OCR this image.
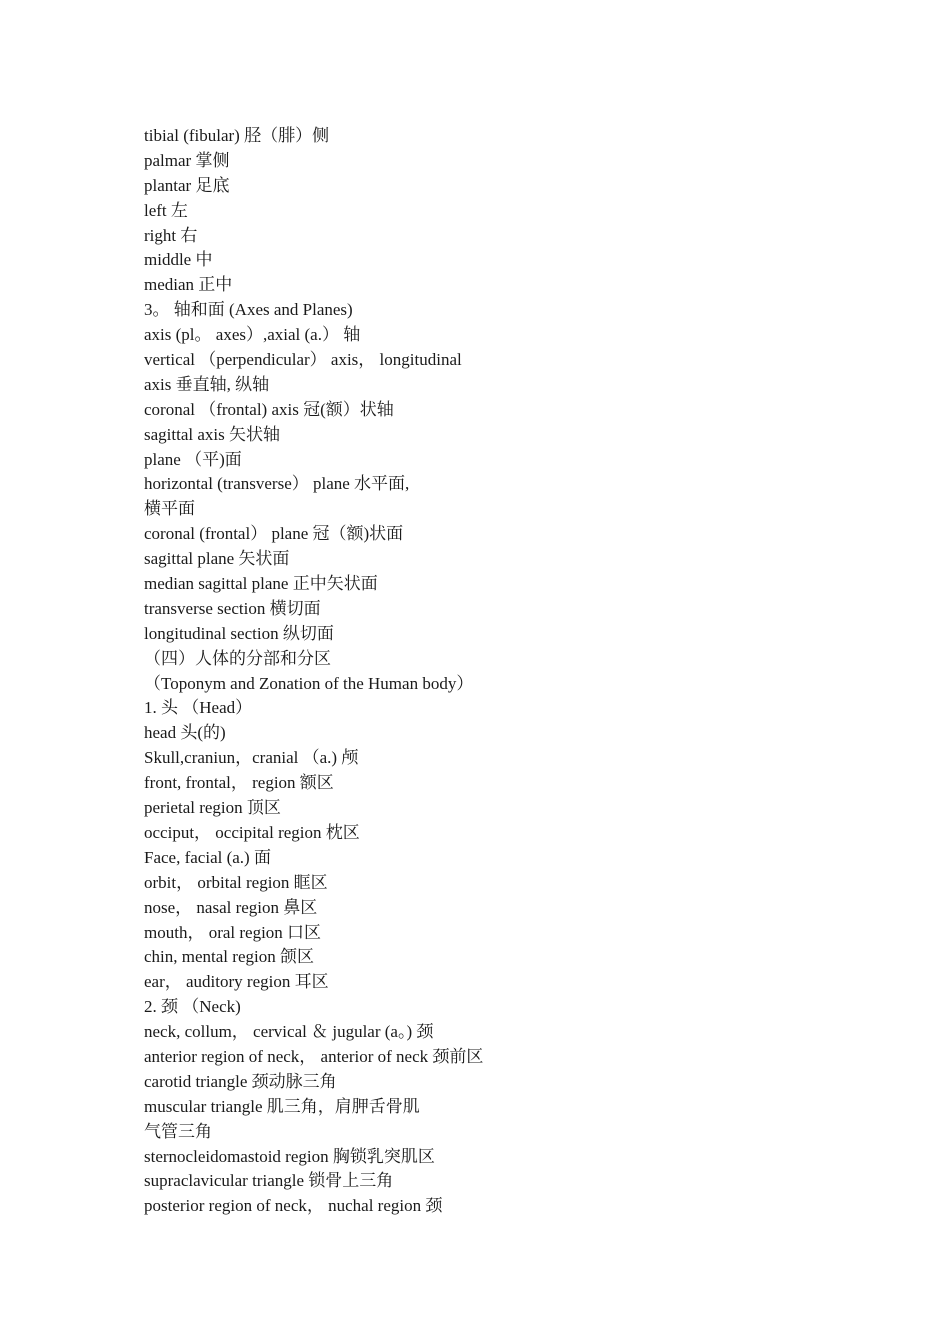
tibial (fibular) 胫（腓）侧
palmar 掌侧
plantar 足底
left 左
right 右
middle 中
median 正中
3。 轴和面 (Axes and Planes)
axis (pl。 axes）,axial (a.） 轴
vertical （perpendicular） axis， longitudinal
axis 垂直轴, 纵轴
coronal （frontal) axis 冠(额）状轴
sagittal axis 矢状轴
plane （平)面
horizontal (transverse） plane 水平面,
横平面
coronal (frontal） plane 冠（额)状面
sagittal plane 矢状面
median sagittal plane 正中矢状面
transverse section 横切面
longitudinal section 纵切面
（四）人体的分部和分区
（Toponym and Zonation of the Human body）
1. 头 （Head）
head 头(的)
Skull,craniun，cranial （a.) 颅
front, frontal， region 额区
perietal region 顶区
occiput， occipital region 枕区
Face, facial (a.) 面
orbit， orbital region 眶区
nose， nasal region 鼻区
mouth， oral region 口区
chin, mental region 颌区
ear， auditory region 耳区
2. 颈 （Neck)
neck, collum， cervical ＆ jugular (a。) 颈
anterior region of neck， anterior of neck 颈前区
carotid triangle 颈动脉三角
muscular triangle 肌三角，肩胛舌骨肌
气管三角
sternocleidomastoid region 胸锁乳突肌区
supraclavicular triangle 锁骨上三角
posterior region of neck， nuchal region 颈
